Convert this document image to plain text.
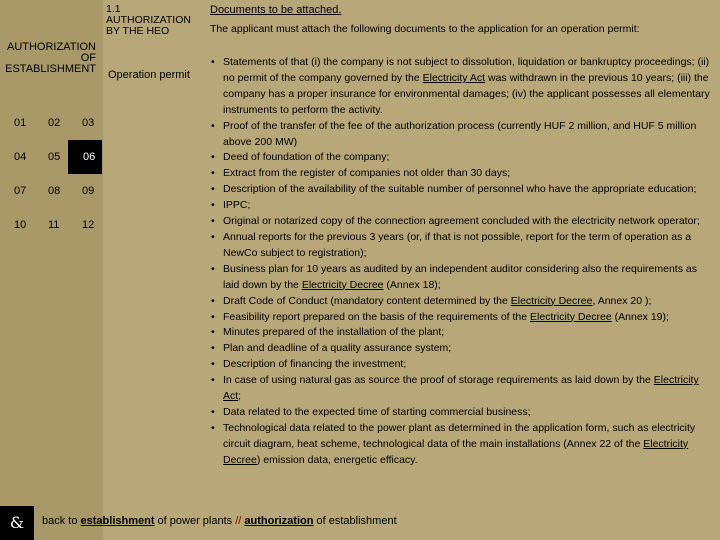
1.1 AUTHORIZATION BY THE HEO
AUTHORIZATION OF ESTABLISHMENT Operation permit
01	02	03
04	05	06
07	08	09
10	11	12
Documents to be attached.
The applicant must attach the following documents to the application for an operation permit:
• Statements of that (i) the company is not subject to dissolution, liquidation or bankruptcy proceedings; (ii) no permit of the company governed by the Electricity Act was withdrawn in the previous 10 years; (iii) the company has a proper insurance for environmental damages; (iv) the applicant possesses all elementary instruments to perform the activity.
• Proof of the transfer of the fee of the authorization process (currently HUF 2 million, and HUF 5 million above 200 MW)
• Deed of foundation of the company;
• Extract from the register of companies not older than 30 days;
• Description of the availability of the suitable number of personnel who have the appropriate education;
• IPPC;
• Original or notarized copy of the connection agreement concluded with the electricity network operator;
• Annual reports for the previous 3 years (or, if that is not possible, report for the term of operation as a NewCo subject to registration);
• Business plan for 10 years as audited by an independent auditor considering also the requirements as laid down by the Electricity Decree (Annex 18);
• Draft Code of Conduct (mandatory content determined by the Electricity Decree, Annex 20 );
• Feasibility report prepared on the basis of the requirements of the Electricity Decree (Annex 19);
• Minutes prepared of the installation of the plant;
• Plan and deadline of a quality assurance system;
• Description of financing the investment;
• In case of using natural gas as source the proof of storage requirements as laid down by the Electricity Act;
• Data related to the expected time of starting commercial business;
• Technological data related to the power plant as determined in the application form, such as electricity circuit diagram, heat scheme, technological data of the main installations (Annex 22 of the Electricity Decree) emission data, energetic efficacy.
&	back to establishment of power plants // authorization of establishment
